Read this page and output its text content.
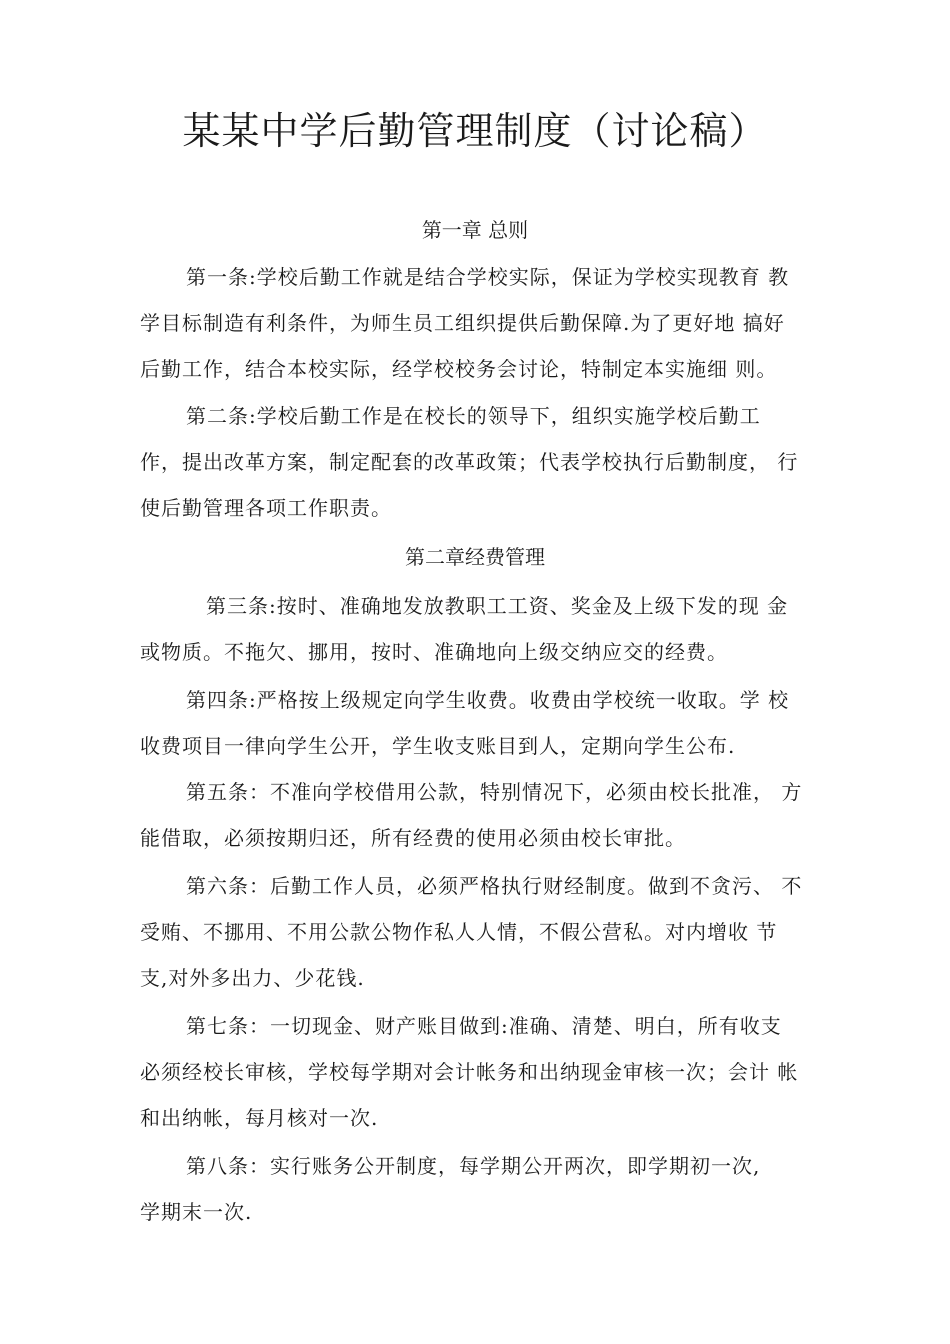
某某中学后勤管理制度（讨论稿）
第一章 总则
第一条:学校后勤工作就是结合学校实际，保证为学校实现教育 教
学目标制造有利条件，为师生员工组织提供后勤保障.为了更好地 搞好
后勤工作，结合本校实际，经学校校务会讨论，特制定本实施细 则。
第二条:学校后勤工作是在校长的领导下，组织实施学校后勤工
作，提出改革方案，制定配套的改革政策；代表学校执行后勤制度， 行
使后勤管理各项工作职责。
第二章经费管理
第三条:按时、准确地发放教职工工资、奖金及上级下发的现 金
或物质。不拖欠、挪用，按时、准确地向上级交纳应交的经费。
第四条:严格按上级规定向学生收费。收费由学校统一收取。学 校
收费项目一律向学生公开，学生收支账目到人，定期向学生公布.
第五条：不准向学校借用公款，特别情况下，必须由校长批准， 方
能借取，必须按期归还，所有经费的使用必须由校长审批。
第六条：后勤工作人员，必须严格执行财经制度。做到不贪污、 不
受贿、不挪用、不用公款公物作私人人情，不假公营私。对内增收 节
支,对外多出力、少花钱.
第七条：一切现金、财产账目做到:准确、清楚、明白，所有收支
必须经校长审核，学校每学期对会计帐务和出纳现金审核一次；会计 帐
和出纳帐，每月核对一次.
第八条：实行账务公开制度，每学期公开两次，即学期初一次,
学期末一次.
